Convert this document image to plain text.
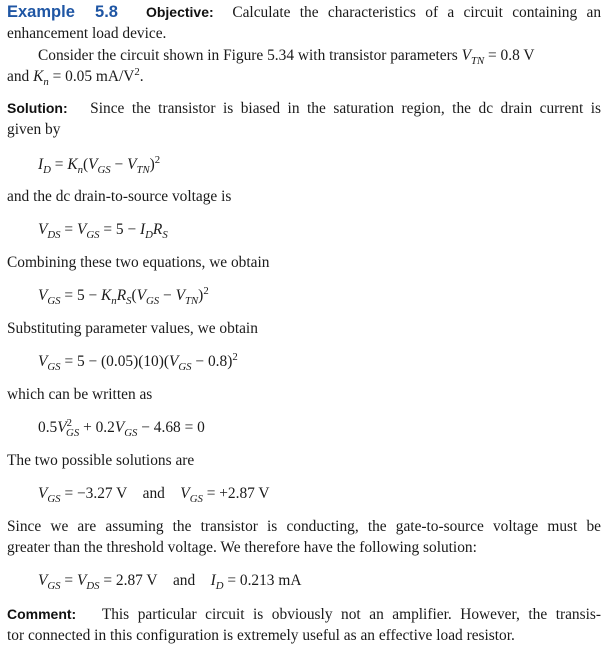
Example 5.8 Objective: Calculate the characteristics of a circuit containing an
enhancement load device.
Consider the circuit shown in Figure 5.34 with transistor parameters $V_{TN} = 0.8$ V
and $K_n = 0.05$ $mA/V^2$.
Solution: Since the transistor is biased in the saturation region, the dc drain current is
given by
$I_D = K_n(V_{GS} - V_{TN})^2$
and the dc drain-to-source voltage is
$V_{DS} = V_{GS} = 5 - I_DR_S$
Combining these two equations, we obtain
$V_{GS} = 5 - K_nR_S(V_{GS} - V_{TN})^2$
Substituting parameter values, we obtain
$V_{GS} = 5 - (0.05)(10)(V_{GS} - 0.8)^2$
which can be written as
$0.5V^2_{GS} + 0.2V_{GS} - 4.68 = 0$
The two possible solutions are
$V_{GS} = -3.27$ V and $V_{GS} = +2.87$ V
Since we are assuming the transistor is conducting, the gate-to-source voltage must be
greater than the threshold voltage. We therefore have the following solution:
$V_{GS} = V_{DS} = 2.87$ V    and $I_D = 0.213$ mA
Comment: This particular circuit is obviously not an amplifier. However, the transis-
tor connected in this configuration is extremely useful as an effective load resistor.
